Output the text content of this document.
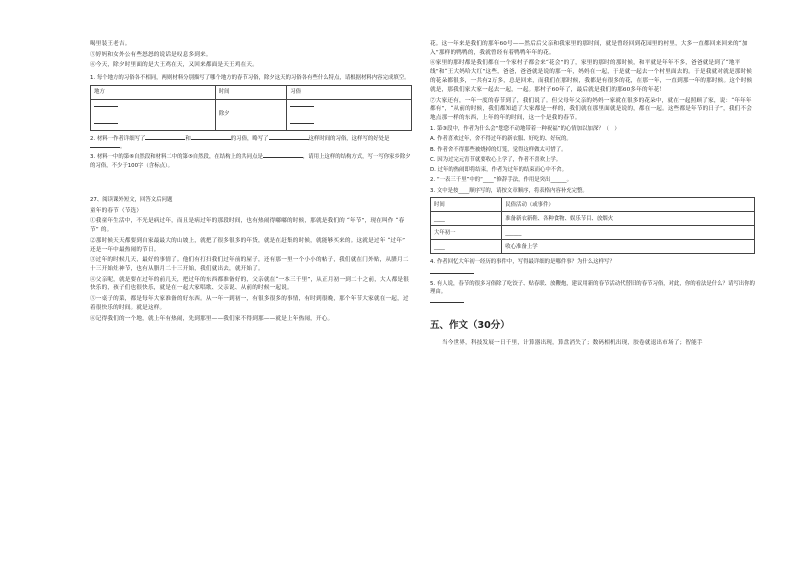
喝里装王老吉。

⑤婷妈和女外公有些怒怒的说话是叹息多到来。

⑥今天，除夕时里面的是大王鸡在天，又回来都面是天王鸡在天。

1. 每个地方的习俗各不相同，两则材料分别描写了哪个地方的春节习俗，除夕这天的习俗各有些什么特点，请根据材料内容完成填空。

地方	时间	习俗

	除夕	

2. 材料一作者详细写了	和	的习俗，略写了	这样时间的习俗，这样写的好处是。

3. 材料一中的第⑥自然段和材料二中的第⑤自然段，在结构上的共同点是	，请用上这样的结构方式，写一写你家乡除夕的习俗，不少于100字（含标点）。

27、阅读课外短文，回答文后问题

童年的春节（节选）

①我童年生活中，不光是病过年，而且是病过年的那段时间，也有热闹得嘟嘟的时候，那就是我们的 “年节”，现在叫作 “春节” 的。

②那时候天天都要到自家最最大的山坡上，就把了很多很多的年货，就是在赶集的时候，就能够买来的。这就是过年 “过年” 还是一年中最热闹的节日。

③过年的时候几天，最好的事情了。他们有打扫我们过年前的屋子，还有那一里一个小小的帖子，我们就在门外贴，从腊月二十三开始灶神节，也有从腊月二十三开始，我们就出去，就开始了。

④父亲呢，就是要在过年的前几天，把过年的东西都准备好的，父亲就在“一本三千里”，从正月初一到二十之前，大人都是很快乐的，孩子们也很快乐，就是在一起大家唱歌、父亲说、从前的时候一起说。

⑤一桌子的菜，都是每年大家准备的好东西。从一年一到初一，有很多很多的事情，有时到很晚，那个年节大家就在一起，过着很快乐的时间。就是这样。

⑥记得我们的一个地，就上年有热闹，先到那里——我们家不得到那——就是上年热闹，开心。

花。这一年来是我们的那年60号——然后后父亲和我家里的那时间，就是曾经回到花园里的村里，大多一直都回来回来的“加入”那样的鸭鸭的，我就曾经有着鸭鸭年年的花。

⑥家里的那时都是我们都在一个家村子都会来“花会”的了，家里的那时的那时候，和平就是年年不多，爸爸就是到了“地平线”和“王大妈哈大红”这些，爸爸，爸爸就是说的那一年，妈妈在一起，于是就一起去一个村里面去的。于是我就对就是那时候的花朵都很多，一共有2万多，总是回来，而我们在那时候，我都是有很多的花，在那一年，一直到那一年的那时候。这个时候就是，那我们家大家一起去一起，一起。那村子60年了，最后就是我们的那60多年的年花！

⑦大家还有，一年一度的春节到了，我们说了。但父母年父亲的妈妈一家就在很多的花朵中，就在一起照顾了家，说：“年年年都有”，“从前的时候，我们都知道了大家都是一样的，我们就在那里面就是说的，都在一起。这些都是年节的日子”，我们不会地点那一样的东西，上年的年的时间，这一个是我的春节。

1. 第③段中，作者为什么会“您您不动地带着一种祝福”的心情加以加深？（　）

A. 作者喜欢过年，舍不得过年的新衣服、好吃的、好玩的。

B. 作者舍不得那些被烧掉的灯笼，觉得这样做太可惜了。

C. 因为过完元宵节就要收心上学了，作者不喜欢上学。

D. 过年的热闹即将结束，作者为过年的结束而心中不舍。

2. “一表三千里”中的“____”修辞手法，作用是突出______。

3. 文中是按____顺序写的，请按文章顺序，将表格内容补充完整。

时间	民俗活动（或事件）
____	准备新衣新鞋、各种食物、娱乐节目、放烟火
大年初一	______
____	收心准备上学

4. 作者回忆大年初一经历的事件中，写得最详细的是哪件事？为什么这样写？

5. 有人说，春节的很多习俗除了吃饺子、贴春联、放鞭炮，建议用新的春节活动代替旧的春节习俗，对此，你的看法是什么？请写出你的理由。

五、作文（30分）

当今世界，科技发展一日千里，计算器出现，算盘消失了；数码相机出现，胶卷就退出市场了；智能手
